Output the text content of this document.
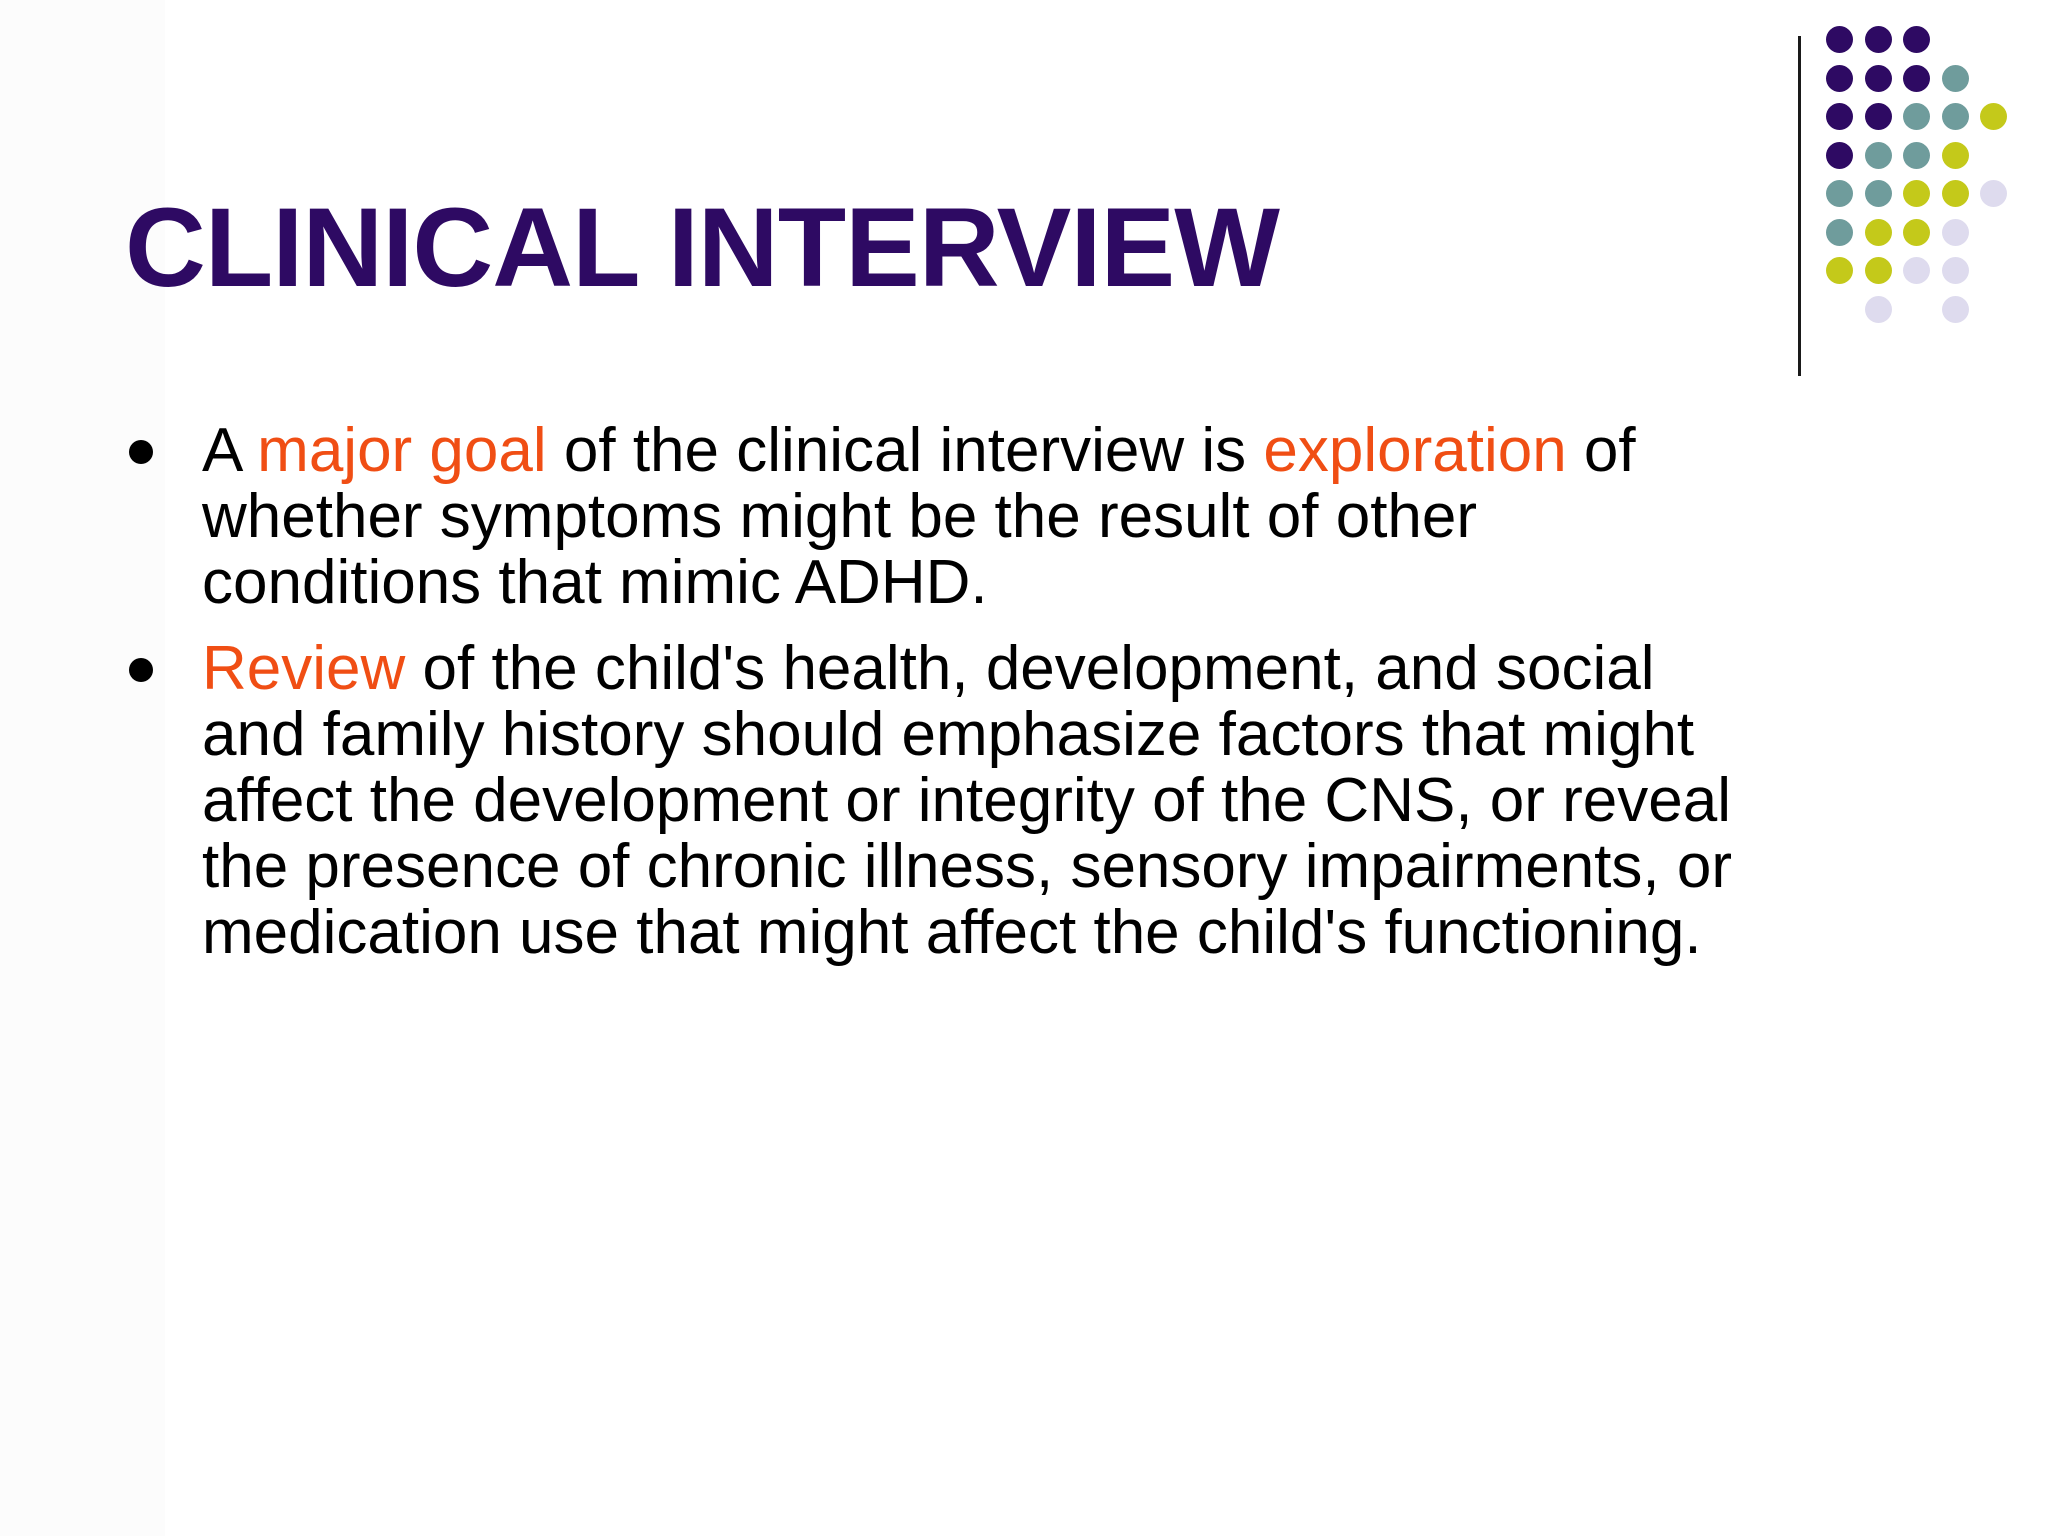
CLINICAL INTERVIEW
A major goal of the clinical interview is exploration of
whether symptoms might be the result of other
conditions that mimic ADHD.
Review of the child's health, development, and social
and family history should emphasize factors that might
affect the development or integrity of the CNS, or reveal
the presence of chronic illness, sensory impairments, or
medication use that might affect the child's functioning.
